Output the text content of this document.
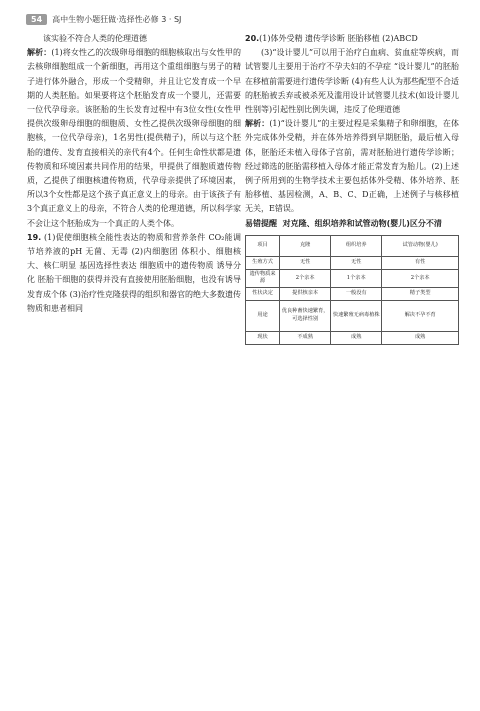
54	高中生物小题狂做·选择性必修 3 · SJ

该实验不符合人类的伦理道德

解析：(1)将女性乙的次级卵母细胞的细胞核取出与女性甲的去核卵细胞组成一个新细胞，再用这个重组细胞与男子的精子进行体外融合，形成一个受精卵，并且让它发育成一个早期的人类胚胎。如果要将这个胚胎发育成一个婴儿，还需要一位代孕母亲。该胚胎的生长发育过程中有3位女性(女性甲提供次级卵母细胞的细胞质、女性乙提供次级卵母细胞的细胞核，一位代孕母亲)，1名男性(提供精子)，所以与这个胚胎的遗传、发育直接相关的亲代有4个。任何生命性状都是遗传物质和环境因素共同作用的结果，甲提供了细胞质遗传物质，乙提供了细胞核遗传物质，代孕母亲提供了环境因素，所以3个女性都是这个孩子真正意义上的母亲。由于该孩子有3个真正意义上的母亲，不符合人类的伦理道德，所以科学家不会让这个胚胎成为一个真正的人类个体。

19. (1)促使细胞核全能性表达的物质和营养条件 CO₂能调节培养液的pH 无菌、无毒 (2)内细胞团 体积小、细胞核大、核仁明显 基因选择性表达 细胞质中的遗传物质 诱导分化 胚胎干细胞的获得并没有直接使用胚胎细胞，也没有诱导发育成个体 (3)治疗性克隆获得的组织和器官的绝大多数遗传物质和患者相同

20.(1)体外受精 遗传学诊断 胚胎移植 (2)ABCD

(3)“设计婴儿”可以用于治疗白血病、贫血症等疾病，而试管婴儿主要用于治疗不孕夫妇的不孕症 “设计婴儿”的胚胎在移植前需要进行遗传学诊断 (4)有些人认为那些配型不合适的胚胎被丢弃或被杀死及滥用设计试管婴儿技术(如设计婴儿性别等)引起性别比例失调，违反了伦理道德

解析：(1)“设计婴儿”的主要过程是采集精子和卵细胞，在体外完成体外受精，并在体外培养得到早期胚胎，最后植入母体，胚胎还未植入母体子宫前，需对胚胎进行遗传学诊断；经过筛选的胚胎需移植入母体才能正常发育为胎儿。(2)上述例子所用到的生物学技术主要包括体外受精、体外培养、胚胎移植、基因检测，A、B、C、D正确，上述例子与核移植无关，E错误。

易错提醒 对克隆、组织培养和试管动物(婴儿)区分不清

项目	克隆	组织培养	试管动物(婴儿)
生殖方式	无性	无性	有性
遗传物质来源	2个亲本	1个亲本	2个亲本
性状决定	提供核亲本	一般没有	精子类型
用途	优良种畜快速繁育，可选择性别	快速繁殖无病毒植株	解决不孕不育
现状	不成熟	成熟	成熟
